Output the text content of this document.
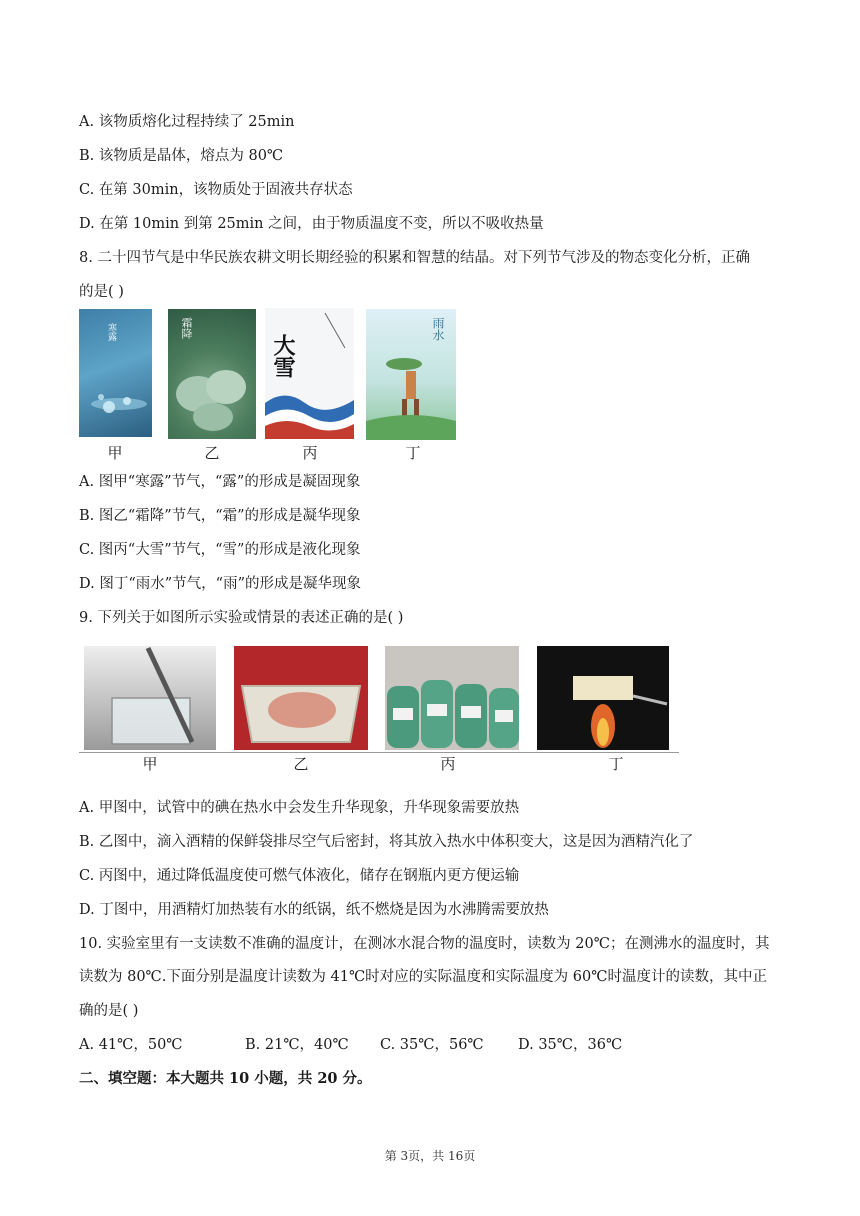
A. 该物质熔化过程持续了 25min
B. 该物质是晶体，熔点为 80℃
C. 在第 30min，该物质处于固液共存状态
D. 在第 10min 到第 25min 之间，由于物质温度不变，所以不吸收热量
8. 二十四节气是中华民族农耕文明长期经验的积累和智慧的结晶。对下列节气涉及的物态变化分析，正确
的是( )
寒露	霜降
大雪
雨水
甲	乙	丙	丁
A. 图甲“寒露”节气，“露”的形成是凝固现象
B. 图乙“霜降”节气，“霜”的形成是凝华现象
C. 图丙“大雪”节气，“雪”的形成是液化现象
D. 图丁“雨水”节气，“雨”的形成是凝华现象
9. 下列关于如图所示实验或情景的表述正确的是( )
甲	乙	丙	丁
A. 甲图中，试管中的碘在热水中会发生升华现象，升华现象需要放热
B. 乙图中，滴入酒精的保鲜袋排尽空气后密封，将其放入热水中体积变大，这是因为酒精汽化了
C. 丙图中，通过降低温度使可燃气体液化，储存在钢瓶内更方便运输
D. 丁图中，用酒精灯加热装有水的纸锅，纸不燃烧是因为水沸腾需要放热
10. 实验室里有一支读数不准确的温度计，在测冰水混合物的温度时，读数为 20℃；在测沸水的温度时，其
读数为 80℃.下面分别是温度计读数为 41℃时对应的实际温度和实际温度为 60℃时温度计的读数，其中正
确的是( )
A. 41℃，50℃	B. 21℃，40℃ C. 35℃，56℃ D. 35℃，36℃
二、填空题：本大题共 10 小题，共 20 分。
第 3页，共 16页
